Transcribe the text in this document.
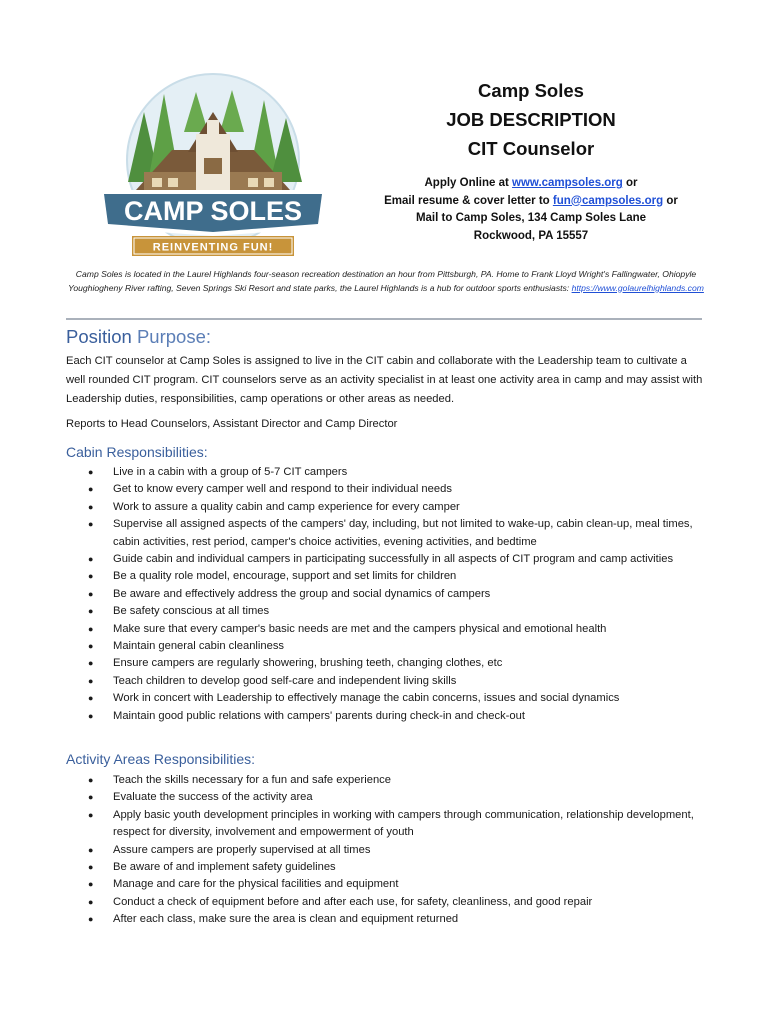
CAMP SOLES
REINVENTING FUN!
Camp Soles
JOB DESCRIPTION
CIT Counselor
Apply Online at www.campsoles.org or
Email resume & cover letter to fun@campsoles.org or
Mail to Camp Soles, 134 Camp Soles Lane
Rockwood, PA 15557
Camp Soles is located in the Laurel Highlands four-season recreation destination an hour from Pittsburgh, PA. Home to Frank Lloyd Wright's Fallingwater, Ohiopyle Youghiogheny River rafting, Seven Springs Ski Resort and state parks, the Laurel Highlands is a hub for outdoor sports enthusiasts: https://www.golaurelhighlands.com
Position Purpose:
Each CIT counselor at Camp Soles is assigned to live in the CIT cabin and collaborate with the Leadership team to cultivate a well rounded CIT program. CIT counselors serve as an activity specialist in at least one activity area in camp and may assist with Leadership duties, responsibilities, camp operations or other areas as needed.
Reports to Head Counselors, Assistant Director and Camp Director
Cabin Responsibilities:
● Live in a cabin with a group of 5-7 CIT campers
● Get to know every camper well and respond to their individual needs
● Work to assure a quality cabin and camp experience for every camper
● Supervise all assigned aspects of the campers' day, including, but not limited to wake-up, cabin clean-up, meal times, cabin activities, rest period, camper's choice activities, evening activities, and bedtime
● Guide cabin and individual campers in participating successfully in all aspects of CIT program and camp activities
● Be a quality role model, encourage, support and set limits for children
● Be aware and effectively address the group and social dynamics of campers
● Be safety conscious at all times
● Make sure that every camper's basic needs are met and the campers physical and emotional health
● Maintain general cabin cleanliness
● Ensure campers are regularly showering, brushing teeth, changing clothes, etc
● Teach children to develop good self-care and independent living skills
● Work in concert with Leadership to effectively manage the cabin concerns, issues and social dynamics
● Maintain good public relations with campers' parents during check-in and check-out
Activity Areas Responsibilities:
● Teach the skills necessary for a fun and safe experience
● Evaluate the success of the activity area
● Apply basic youth development principles in working with campers through communication, relationship development, respect for diversity, involvement and empowerment of youth
● Assure campers are properly supervised at all times
● Be aware of and implement safety guidelines
● Manage and care for the physical facilities and equipment
● Conduct a check of equipment before and after each use, for safety, cleanliness, and good repair
● After each class, make sure the area is clean and equipment returned
